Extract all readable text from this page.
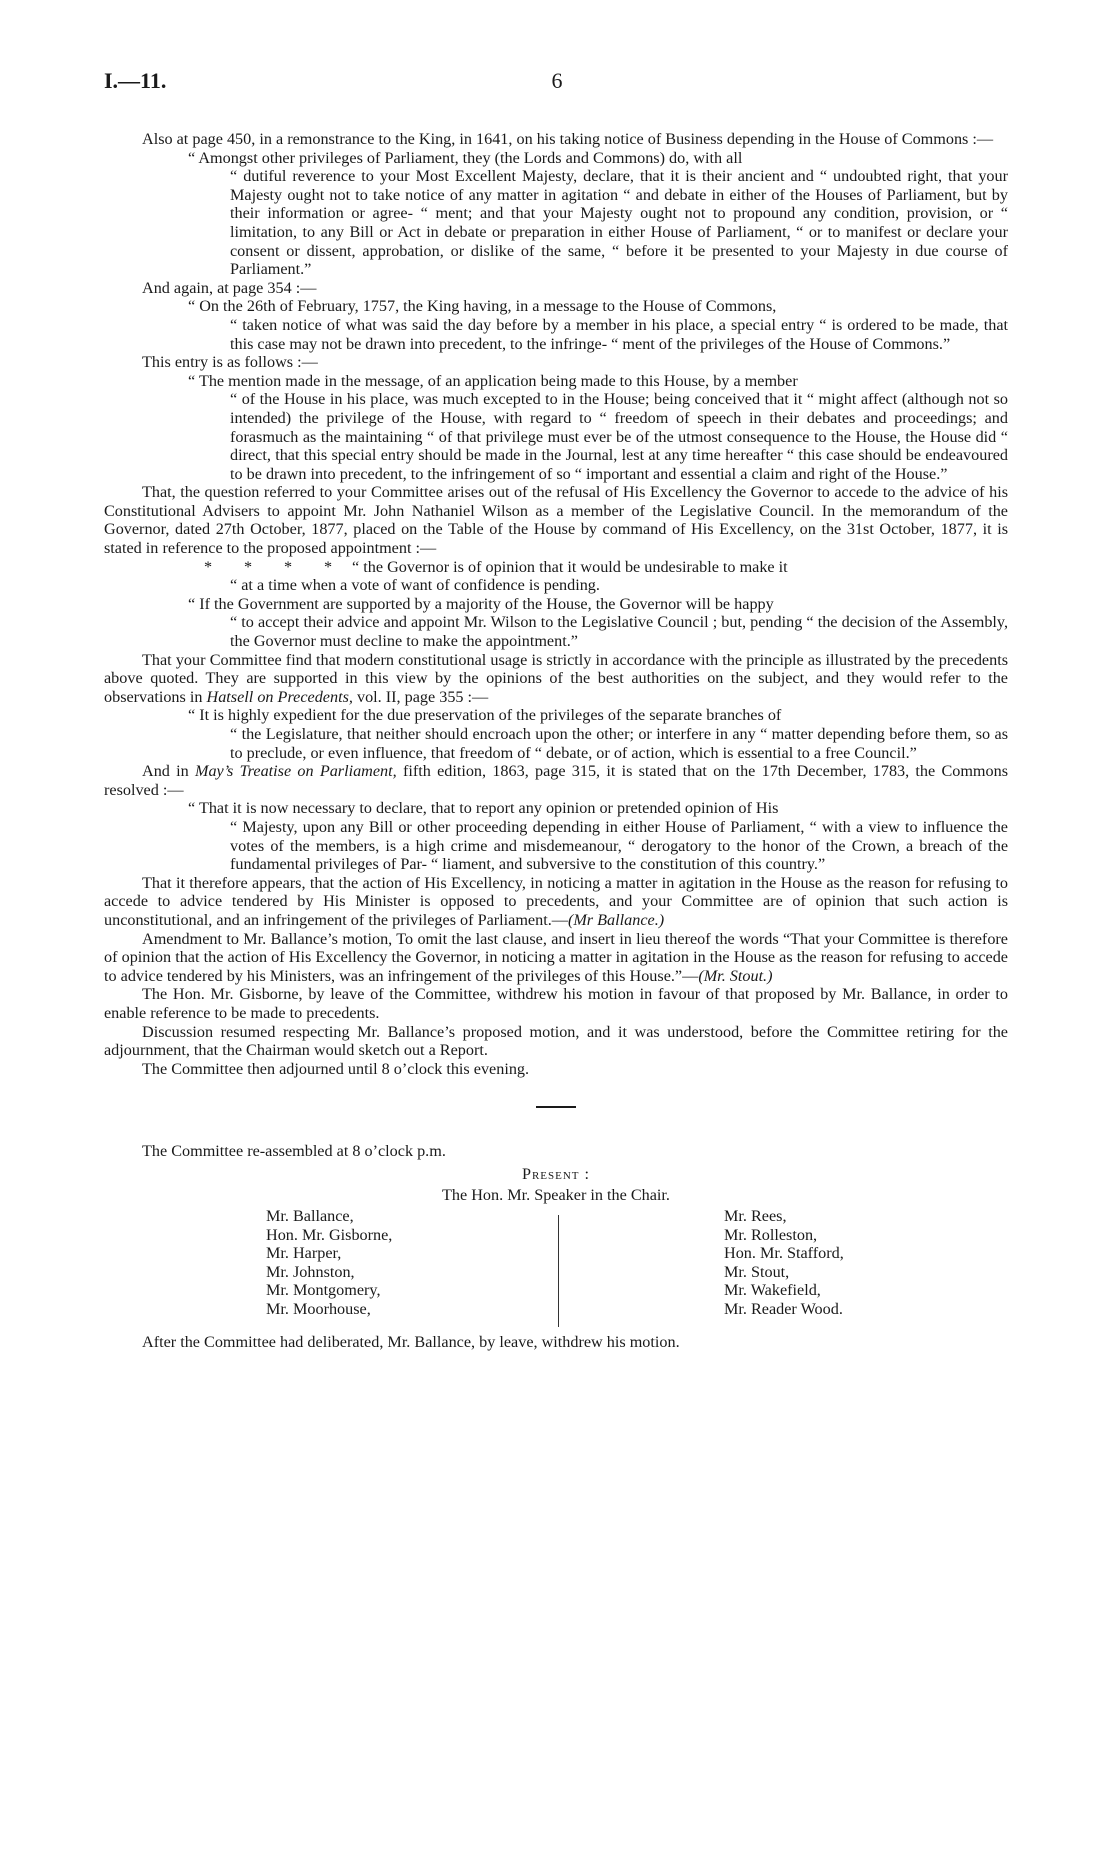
I.—11.	6

Also at page 450, in a remonstrance to the King, in 1641, on his taking notice of Business depending in the House of Commons :—

“ Amongst other privileges of Parliament, they (the Lords and Commons) do, with all

“ dutiful reverence to your Most Excellent Majesty, declare, that it is their ancient and “ undoubted right, that your Majesty ought not to take notice of any matter in agitation “ and debate in either of the Houses of Parliament, but by their information or agree- “ ment; and that your Majesty ought not to propound any condition, provision, or “ limitation, to any Bill or Act in debate or preparation in either House of Parliament, “ or to manifest or declare your consent or dissent, approbation, or dislike of the same, “ before it be presented to your Majesty in due course of Parliament.”

And again, at page 354 :—

“ On the 26th of February, 1757, the King having, in a message to the House of Commons,

“ taken notice of what was said the day before by a member in his place, a special entry “ is ordered to be made, that this case may not be drawn into precedent, to the infringe- “ ment of the privileges of the House of Commons.”

This entry is as follows :—

“ The mention made in the message, of an application being made to this House, by a member

“ of the House in his place, was much excepted to in the House; being conceived that it “ might affect (although not so intended) the privilege of the House, with regard to “ freedom of speech in their debates and proceedings; and forasmuch as the maintaining “ of that privilege must ever be of the utmost consequence to the House, the House did “ direct, that this special entry should be made in the Journal, lest at any time hereafter “ this case should be endeavoured to be drawn into precedent, to the infringement of so “ important and essential a claim and right of the House.”

That, the question referred to your Committee arises out of the refusal of His Excellency the Governor to accede to the advice of his Constitutional Advisers to appoint Mr. John Nathaniel Wilson as a member of the Legislative Council. In the memorandum of the Governor, dated 27th October, 1877, placed on the Table of the House by command of His Excellency, on the 31st October, 1877, it is stated in reference to the proposed appointment :—

* * * * “ the Governor is of opinion that it would be undesirable to make it

“ at a time when a vote of want of confidence is pending.

“ If the Government are supported by a majority of the House, the Governor will be happy

“ to accept their advice and appoint Mr. Wilson to the Legislative Council ; but, pending “ the decision of the Assembly, the Governor must decline to make the appointment.”

That your Committee find that modern constitutional usage is strictly in accordance with the principle as illustrated by the precedents above quoted. They are supported in this view by the opinions of the best authorities on the subject, and they would refer to the observations in Hatsell on Precedents, vol. II, page 355 :—

“ It is highly expedient for the due preservation of the privileges of the separate branches of

“ the Legislature, that neither should encroach upon the other; or interfere in any “ matter depending before them, so as to preclude, or even influence, that freedom of “ debate, or of action, which is essential to a free Council.”

And in May’s Treatise on Parliament, fifth edition, 1863, page 315, it is stated that on the 17th December, 1783, the Commons resolved :—

“ That it is now necessary to declare, that to report any opinion or pretended opinion of His

“ Majesty, upon any Bill or other proceeding depending in either House of Parliament, “ with a view to influence the votes of the members, is a high crime and misdemeanour, “ derogatory to the honor of the Crown, a breach of the fundamental privileges of Par- “ liament, and subversive to the constitution of this country.”

That it therefore appears, that the action of His Excellency, in noticing a matter in agitation in the House as the reason for refusing to accede to advice tendered by His Minister is opposed to precedents, and your Committee are of opinion that such action is unconstitutional, and an infringement of the privileges of Parliament.—(Mr Ballance.)

Amendment to Mr. Ballance’s motion, To omit the last clause, and insert in lieu thereof the words “That your Committee is therefore of opinion that the action of His Excellency the Governor, in noticing a matter in agitation in the House as the reason for refusing to accede to advice tendered by his Ministers, was an infringement of the privileges of this House.”—(Mr. Stout.)

The Hon. Mr. Gisborne, by leave of the Committee, withdrew his motion in favour of that proposed by Mr. Ballance, in order to enable reference to be made to precedents.

Discussion resumed respecting Mr. Ballance’s proposed motion, and it was understood, before the Committee retiring for the adjournment, that the Chairman would sketch out a Report.

The Committee then adjourned until 8 o’clock this evening.

The Committee re-assembled at 8 o’clock p.m.

Present :

The Hon. Mr. Speaker in the Chair.

Mr. Ballance,
Hon. Mr. Gisborne,
Mr. Harper,
Mr. Johnston,
Mr. Montgomery,
Mr. Moorhouse,
Mr. Rees,
Mr. Rolleston,
Hon. Mr. Stafford,
Mr. Stout,
Mr. Wakefield,
Mr. Reader Wood.

After the Committee had deliberated, Mr. Ballance, by leave, withdrew his motion.
